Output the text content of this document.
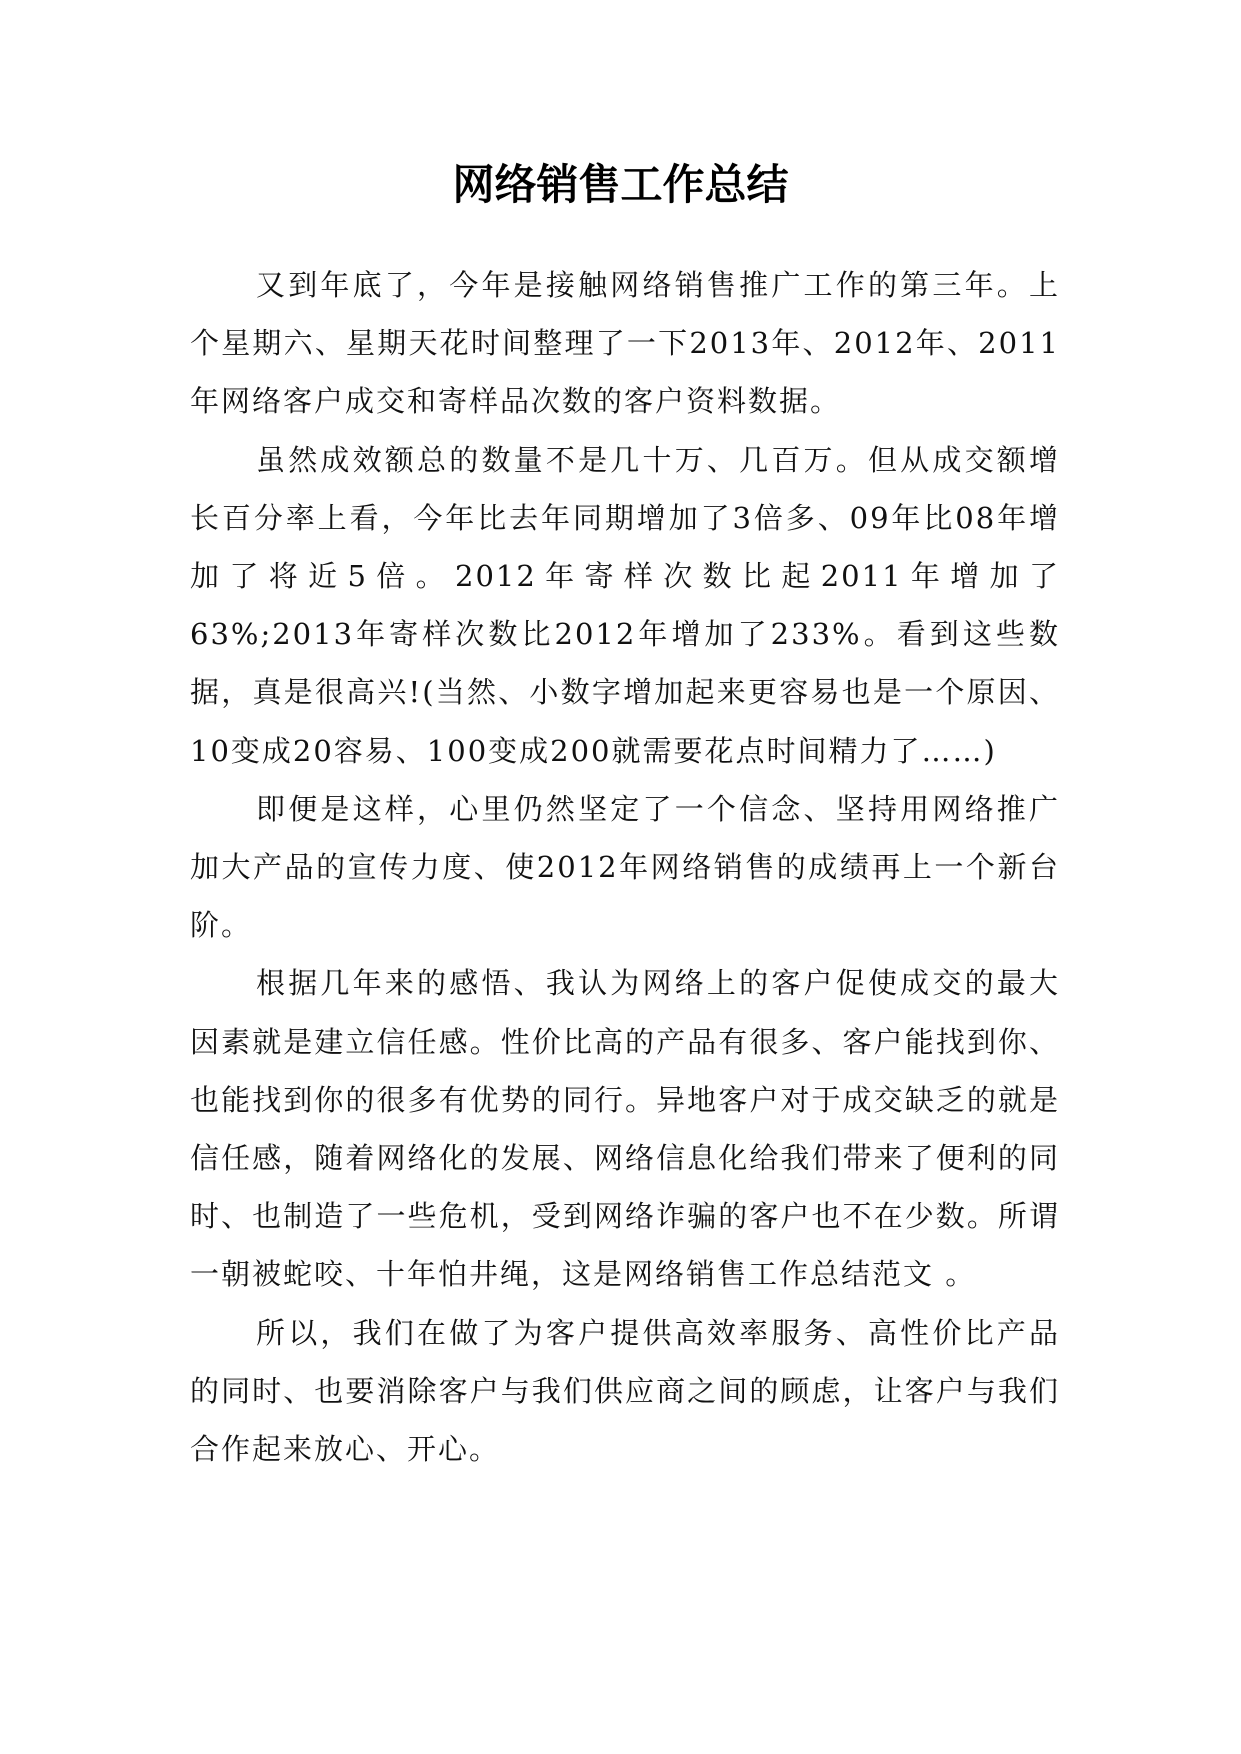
网络销售工作总结

又到年底了，今年是接触网络销售推广工作的第三年。上个星期六、星期天花时间整理了一下2013年、2012年、2011年网络客户成交和寄样品次数的客户资料数据。

虽然成效额总的数量不是几十万、几百万。但从成交额增长百分率上看，今年比去年同期增加了3倍多、09年比08年增加了将近5倍。2012年寄样次数比起2011年增加了63%;2013年寄样次数比2012年增加了233%。看到这些数据，真是很高兴!(当然、小数字增加起来更容易也是一个原因、10变成20容易、100变成200就需要花点时间精力了……)

即便是这样，心里仍然坚定了一个信念、坚持用网络推广加大产品的宣传力度、使2012年网络销售的成绩再上一个新台阶。

根据几年来的感悟、我认为网络上的客户促使成交的最大因素就是建立信任感。性价比高的产品有很多、客户能找到你、也能找到你的很多有优势的同行。异地客户对于成交缺乏的就是信任感，随着网络化的发展、网络信息化给我们带来了便利的同时、也制造了一些危机，受到网络诈骗的客户也不在少数。所谓一朝被蛇咬、十年怕井绳，这是网络销售工作总结范文 。

所以，我们在做了为客户提供高效率服务、高性价比产品的同时、也要消除客户与我们供应商之间的顾虑，让客户与我们合作起来放心、开心。
